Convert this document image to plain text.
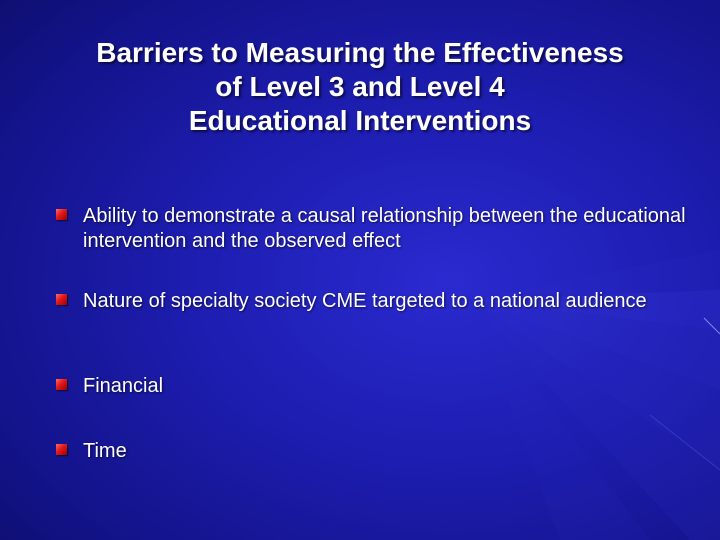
Barriers to Measuring the Effectiveness
of Level 3 and Level 4
Educational Interventions
Ability to demonstrate a causal relationship between the educational intervention and the observed effect
Nature of specialty society CME targeted to a national audience
Financial
Time
